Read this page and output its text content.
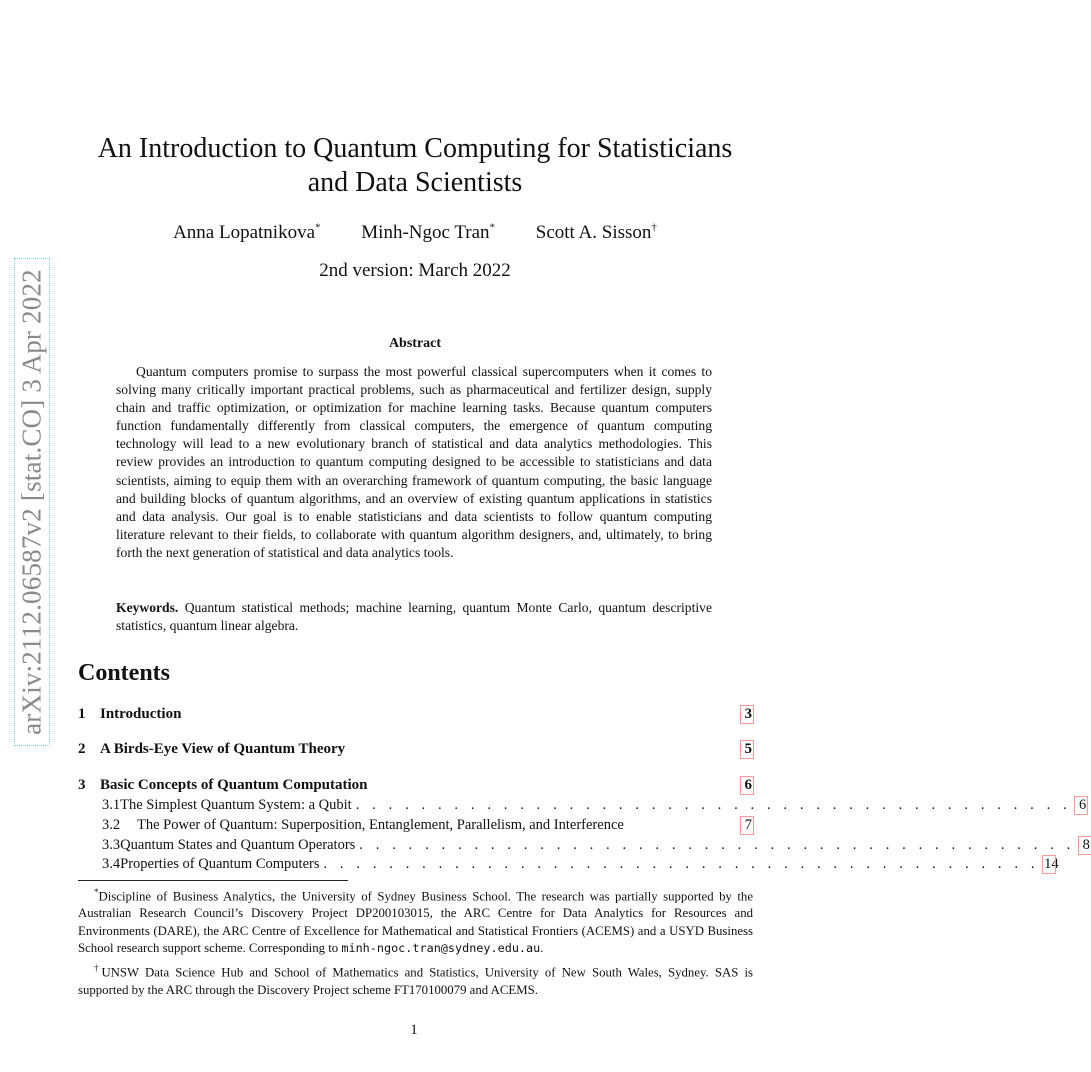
arXiv:2112.06587v2 [stat.CO] 3 Apr 2022
An Introduction to Quantum Computing for Statisticians and Data Scientists
Anna Lopatnikova* Minh-Ngoc Tran* Scott A. Sisson†
2nd version: March 2022
Abstract

Quantum computers promise to surpass the most powerful classical supercomputers when it comes to solving many critically important practical problems, such as pharmaceutical and fertilizer design, supply chain and traffic optimization, or optimization for machine learning tasks. Because quantum computers function fundamentally differently from classical computers, the emergence of quantum computing technology will lead to a new evolutionary branch of statistical and data analytics methodologies. This review provides an introduction to quantum computing designed to be accessible to statisticians and data scientists, aiming to equip them with an overarching framework of quantum computing, the basic language and building blocks of quantum algorithms, and an overview of existing quantum applications in statistics and data analysis. Our goal is to enable statisticians and data scientists to follow quantum computing literature relevant to their fields, to collaborate with quantum algorithm designers, and, ultimately, to bring forth the next generation of statistical and data analytics tools.

Keywords. Quantum statistical methods; machine learning, quantum Monte Carlo, quantum descriptive statistics, quantum linear algebra.

Contents
1 Introduction	3
2 A Birds-Eye View of Quantum Theory	5
3 Basic Concepts of Quantum Computation	6
3.1 The Simplest Quantum System: a Qubit . . . . . . . . . . . . . . . . . . . . . . . . . . . . . . . . . . . . . . . . . . . . 6
3.2	The Power of Quantum: Superposition, Entanglement, Parallelism, and Interference	7
3.3 Quantum States and Quantum Operators . . . . . . . . . . . . . . . . . . . . . . . . . . . . . . . . . . . . . . . . . . . . 8
3.4 Properties of Quantum Computers . . . . . . . . . . . . . . . . . . . . . . . . . . . . . . . . . . . . . . . . . . . . 14

*Discipline of Business Analytics, the University of Sydney Business School. The research was partially supported by the Australian Research Council’s Discovery Project DP200103015, the ARC Centre for Data Analytics for Resources and Environments (DARE), the ARC Centre of Excellence for Mathematical and Statistical Frontiers (ACEMS) and a USYD Business School research support scheme. Corresponding to minh-ngoc.tran@sydney.edu.au.

†UNSW Data Science Hub and School of Mathematics and Statistics, University of New South Wales, Sydney. SAS is supported by the ARC through the Discovery Project scheme FT170100079 and ACEMS.

1
